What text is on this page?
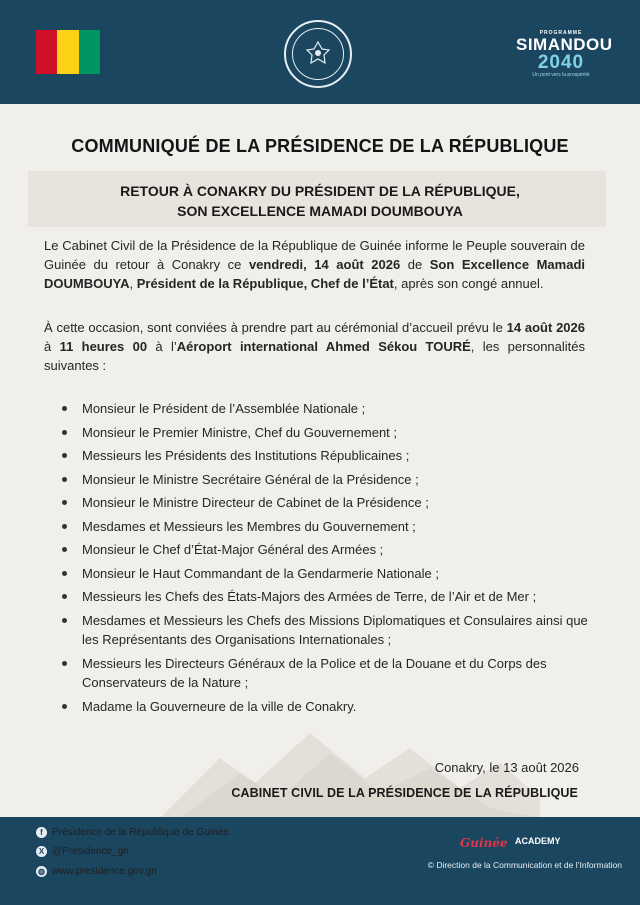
PROGRAMME
SIMANDOU
2040
Un pont vers la prospérité
COMMUNIQUÉ DE LA PRÉSIDENCE DE LA RÉPUBLIQUE
RETOUR À CONAKRY DU PRÉSIDENT DE LA RÉPUBLIQUE,
SON EXCELLENCE MAMADI DOUMBOUYA

Le Cabinet Civil de la Présidence de la République de Guinée informe le Peuple souverain de Guinée du retour à Conakry ce vendredi, 14 août 2026 de Son Excellence Mamadi DOUMBOUYA, Président de la République, Chef de l’État, après son congé annuel.

À cette occasion, sont conviées à prendre part au cérémonial d’accueil prévu le 14 août 2026 à 11 heures 00 à l’Aéroport international Ahmed Sékou TOURÉ, les personnalités suivantes :

Monsieur le Président de l’Assemblée Nationale ;
Monsieur le Premier Ministre, Chef du Gouvernement ;
Messieurs les Présidents des Institutions Républicaines ;
Monsieur le Ministre Secrétaire Général de la Présidence ;
Monsieur le Ministre Directeur de Cabinet de la Présidence ;
Mesdames et Messieurs les Membres du Gouvernement ;
Monsieur le Chef d’État-Major Général des Armées ;
Monsieur le Haut Commandant de la Gendarmerie Nationale ;
Messieurs les Chefs des États-Majors des Armées de Terre, de l’Air et de Mer ;
Mesdames et Messieurs les Chefs des Missions Diplomatiques et Consulaires ainsi que les Représentants des Organisations Internationales ;
Messieurs les Directeurs Généraux de la Police et de la Douane et du Corps des Conservateurs de la Nature ;
Madame la Gouverneure de la ville de Conakry.
Conakry, le 13 août 2026
CABINET CIVIL DE LA PRÉSIDENCE DE LA RÉPUBLIQUE
f Présidence de la République de Guinée
X @Presidence_gn
◍ www.presidence.gov.gn
Guinée ACADEMY
© Direction de la Communication et de l’Information
